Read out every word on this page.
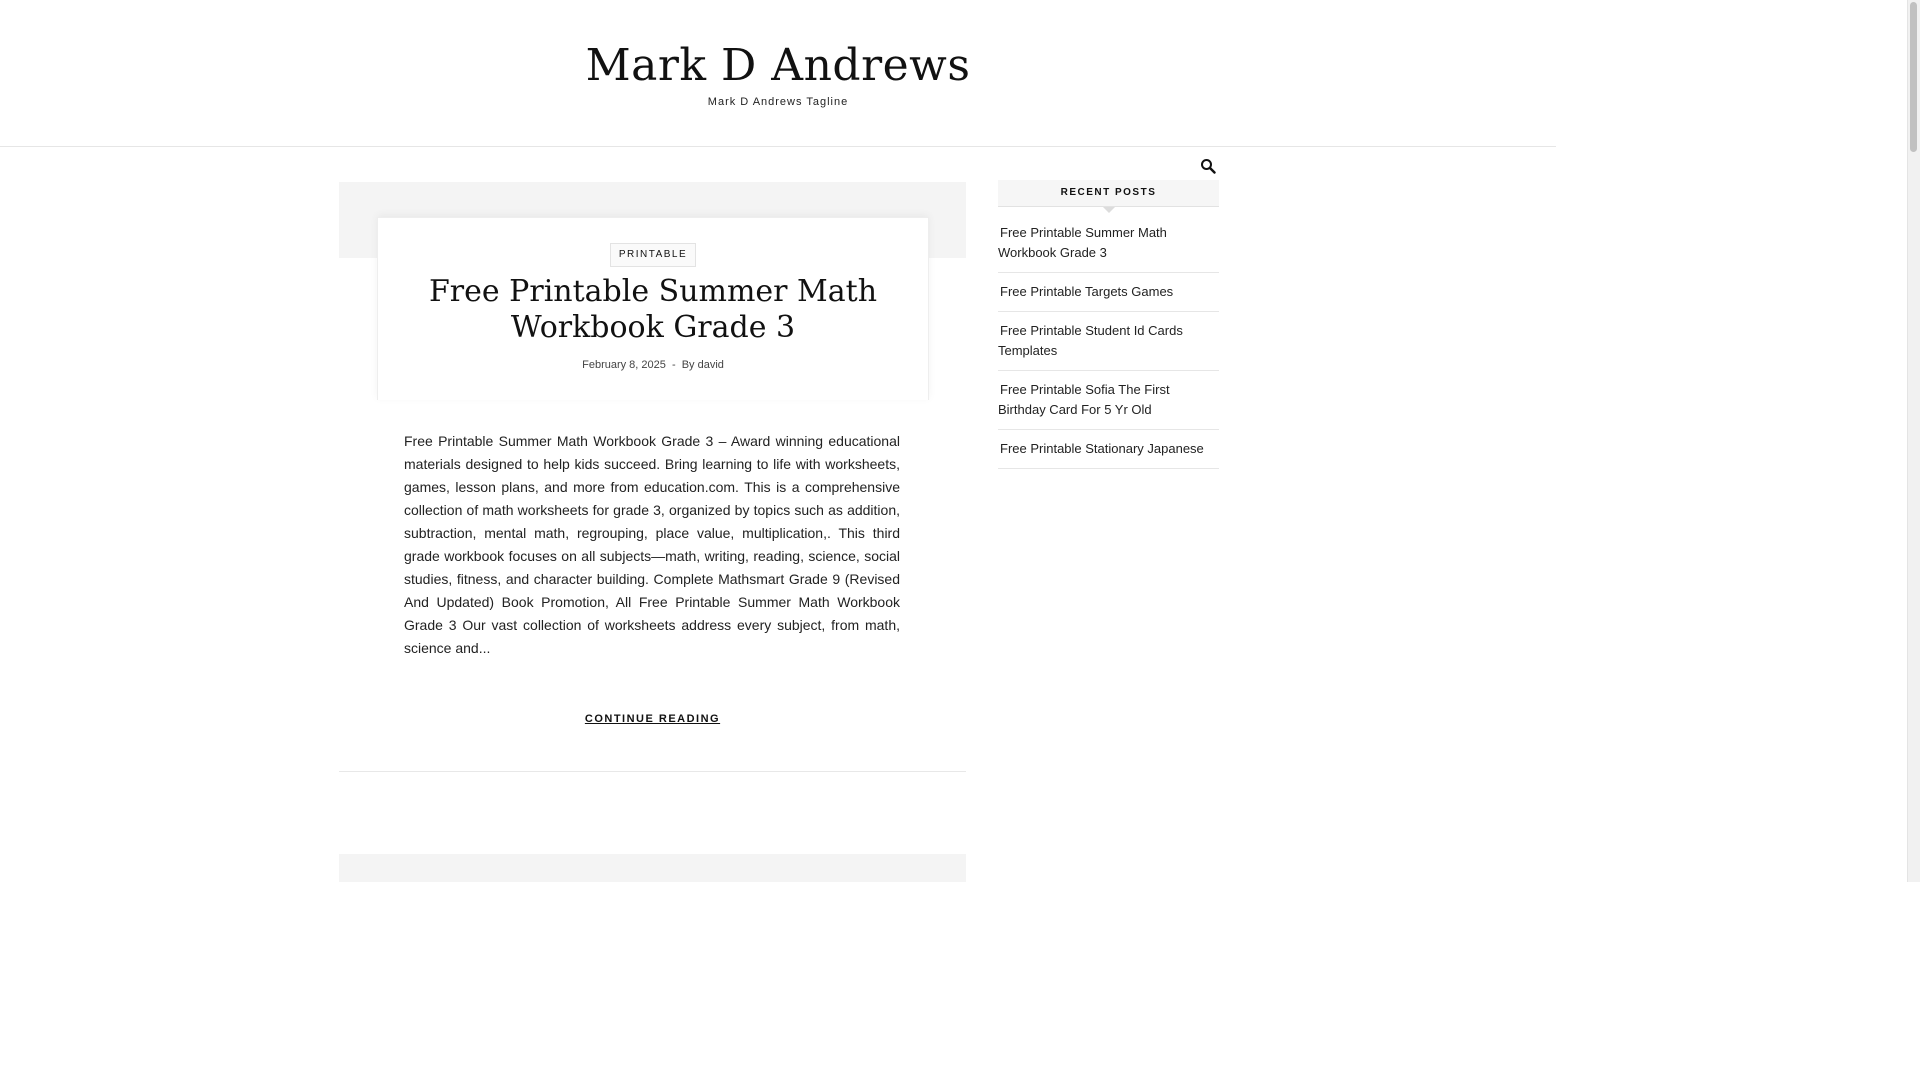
Mark D Andrews
Mark D Andrews Tagline
PRINTABLE
Free Printable Summer Math Workbook Grade 3
February 8, 2025 - By david

Free Printable Summer Math Workbook Grade 3 – Award winning educational materials designed to help kids succeed. Bring learning to life with worksheets, games, lesson plans, and more from education.com. This is a comprehensive collection of math worksheets for grade 3, organized by topics such as addition, subtraction, mental math, regrouping, place value, multiplication,. This third grade workbook focuses on all subjects—math, writing, reading, science, social studies, fitness, and character building. Complete Mathsmart Grade 9 (Revised And Updated) Book Promotion, All Free Printable Summer Math Workbook Grade 3 Our vast collection of worksheets address every subject, from math, science and...

CONTINUE READING
RECENT POSTS
Free Printable Summer Math Workbook Grade 3
Free Printable Targets Games
Free Printable Student Id Cards Templates
Free Printable Sofia The First Birthday Card For 5 Yr Old
Free Printable Stationary Japanese
